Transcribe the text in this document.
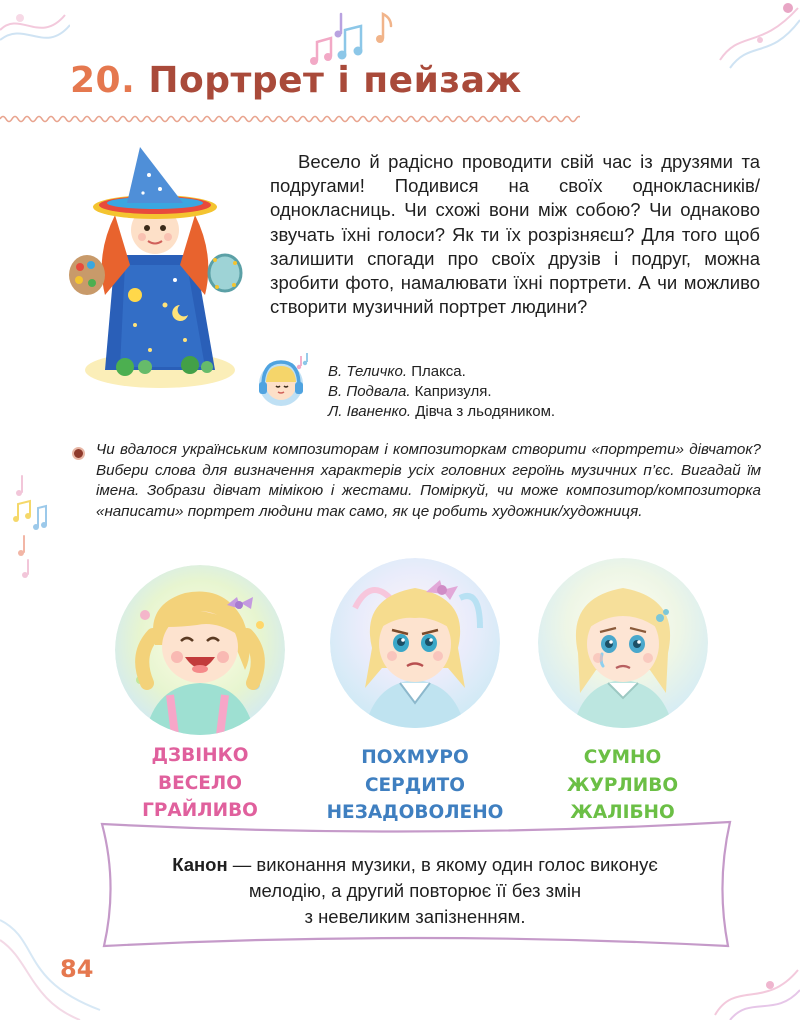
20. Портрет і пейзаж

Весело й радісно проводити свій час із друзями та подругами! Подивися на своїх однокласників/однокласниць. Чи схожі вони між собою? Чи однаково звучать їхні голоси? Як ти їх розрізняєш? Для того щоб залишити спогади про своїх друзів і подруг, можна зробити фото, намалювати їхні портрети. А чи можливо створити музичний портрет людини?

В. Теличко. Плакса.
В. Подвала. Капризуля.
Л. Іваненко. Дівча з льодяником.
Чи вдалося українським композиторам і композиторкам створити «портрети» дівчаток? Вибери слова для визначення характерів усіх головних героїнь музичних п’єс. Вигадай їм імена. Зобрази дівчат мімікою і жестами. Поміркуй, чи може композитор/композиторка «написати» портрет людини так само, як це робить художник/художниця.
ДЗВІНКО
ВЕСЕЛО
ГРАЙЛИВО
ПОХМУРО
СЕРДИТО
НЕЗАДОВОЛЕНО
СУМНО
ЖУРЛИВО
ЖАЛІБНО
Канон — виконання музики, в якому один голос виконує
мелодію, а другий повторює її без змін
з невеликим запізненням.
84
